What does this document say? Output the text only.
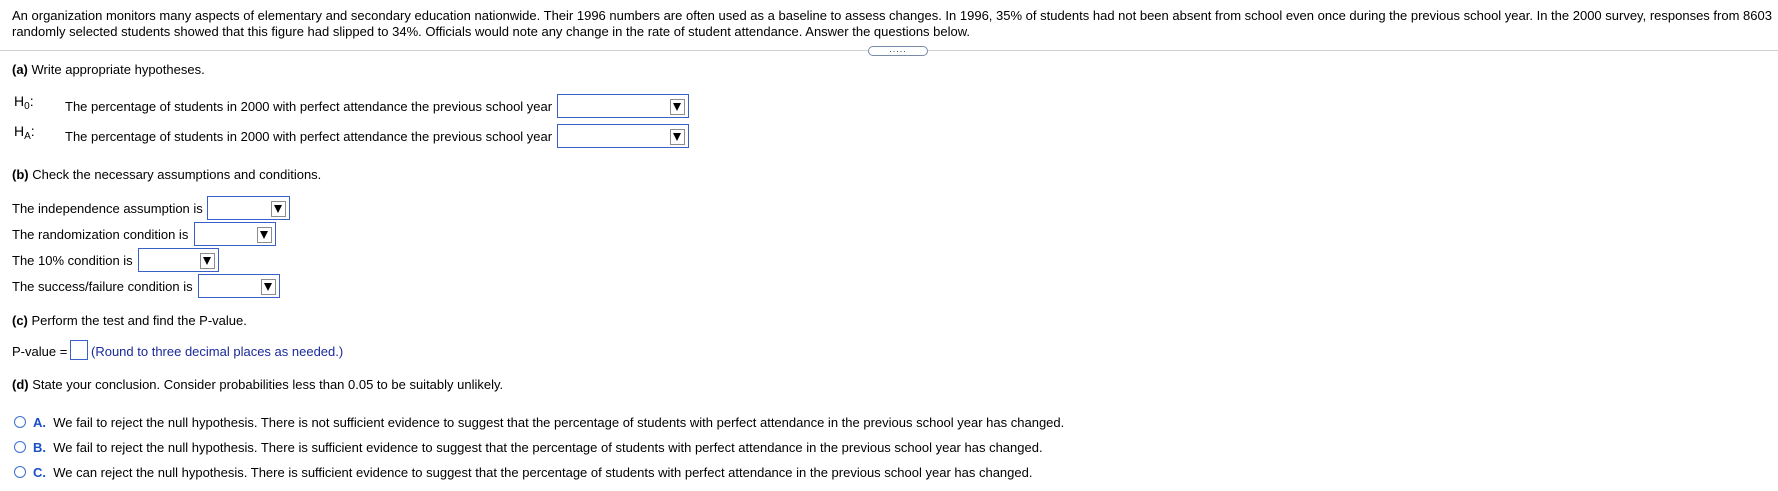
An organization monitors many aspects of elementary and secondary education nationwide. Their 1996 numbers are often used as a baseline to assess changes. In 1996, 35% of students had not been absent from school even once during the previous school year. In the 2000 survey, responses from 8603 randomly selected students showed that this figure had slipped to 34%. Officials would note any change in the rate of student attendance. Answer the questions below.
.....
(a) Write appropriate hypotheses.
$H_0$: The percentage of students in 2000 with perfect attendance the previous school year
$H_A$: The percentage of students in 2000 with perfect attendance the previous school year
(b) Check the necessary assumptions and conditions.
The independence assumption is
The randomization condition is
The 10% condition is
The success/failure condition is
(c) Perform the test and find the P-value.
P-value = (Round to three decimal places as needed.)
(d) State your conclusion. Consider probabilities less than 0.05 to be suitably unlikely.
A. We fail to reject the null hypothesis. There is not sufficient evidence to suggest that the percentage of students with perfect attendance in the previous school year has changed.
B. We fail to reject the null hypothesis. There is sufficient evidence to suggest that the percentage of students with perfect attendance in the previous school year has changed.
C. We can reject the null hypothesis. There is sufficient evidence to suggest that the percentage of students with perfect attendance in the previous school year has changed.
